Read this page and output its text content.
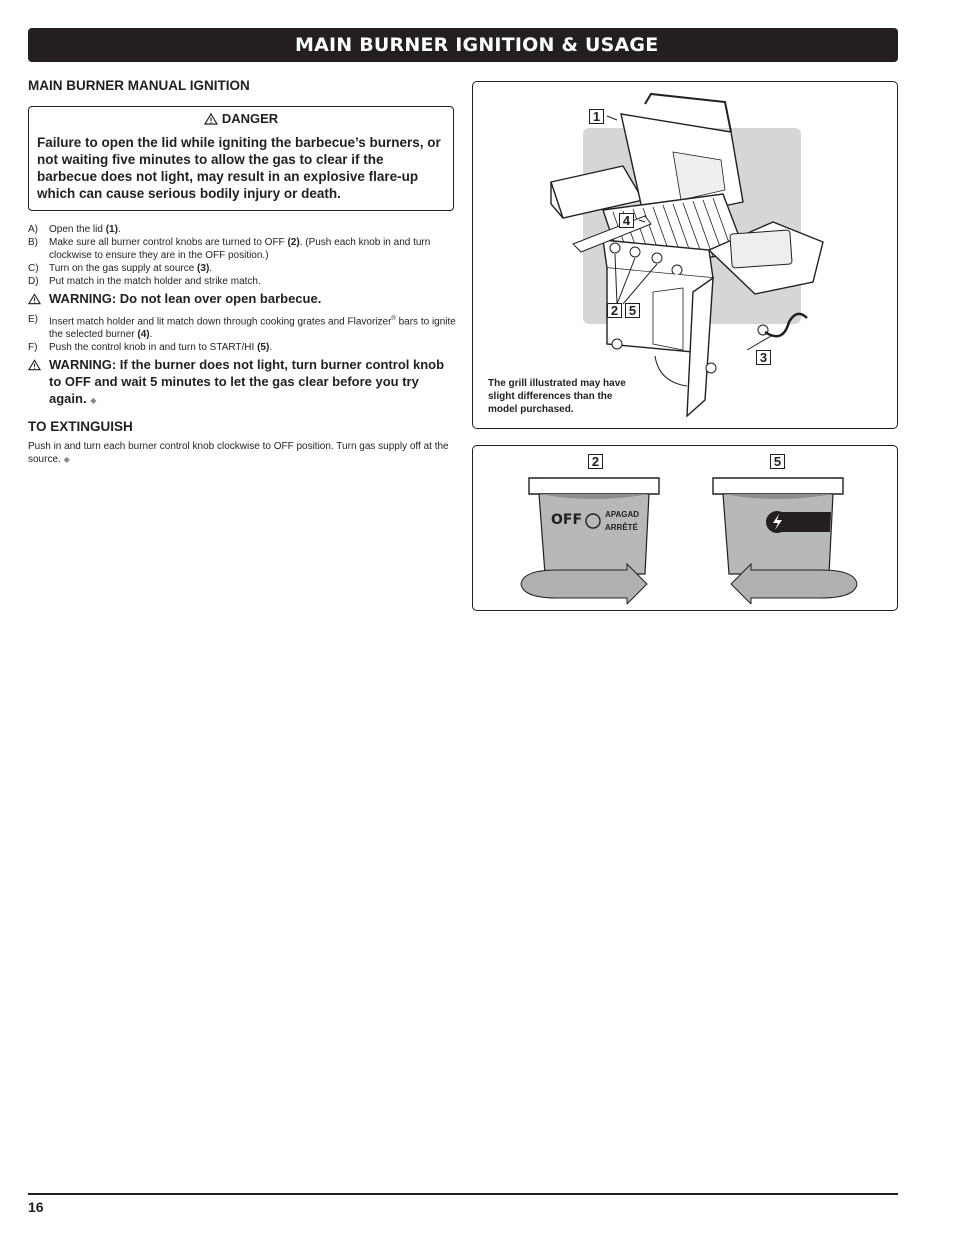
MAIN BURNER IGNITION & USAGE
MAIN BURNER MANUAL IGNITION
DANGER
Failure to open the lid while igniting the barbecue’s burners, or not waiting five minutes to allow the gas to clear if the barbecue does not light, may result in an explosive flare-up which can cause serious bodily injury or death.
A)	Open the lid (1).
B)	Make sure all burner control knobs are turned to OFF (2). (Push each knob in and turn clockwise to ensure they are in the OFF position.)
C)	Turn on the gas supply at source (3).
D)	Put match in the match holder and strike match.
WARNING: Do not lean over open barbecue.
E)	Insert match holder and lit match down through cooking grates and Flavorizer® bars to ignite the selected burner (4).
F)	Push the control knob in and turn to START/HI (5).
WARNING: If the burner does not light, turn burner control knob to OFF and wait 5 minutes to let the gas clear before you try again. ◆
TO EXTINGUISH
Push in and turn each burner control knob clockwise to OFF position. Turn gas supply off at the source. ◆
1
4
2 5
3
The grill illustrated may have slight differences than the model purchased.
2	5
OFF	APAGAD
ARRÊTÉ
16
